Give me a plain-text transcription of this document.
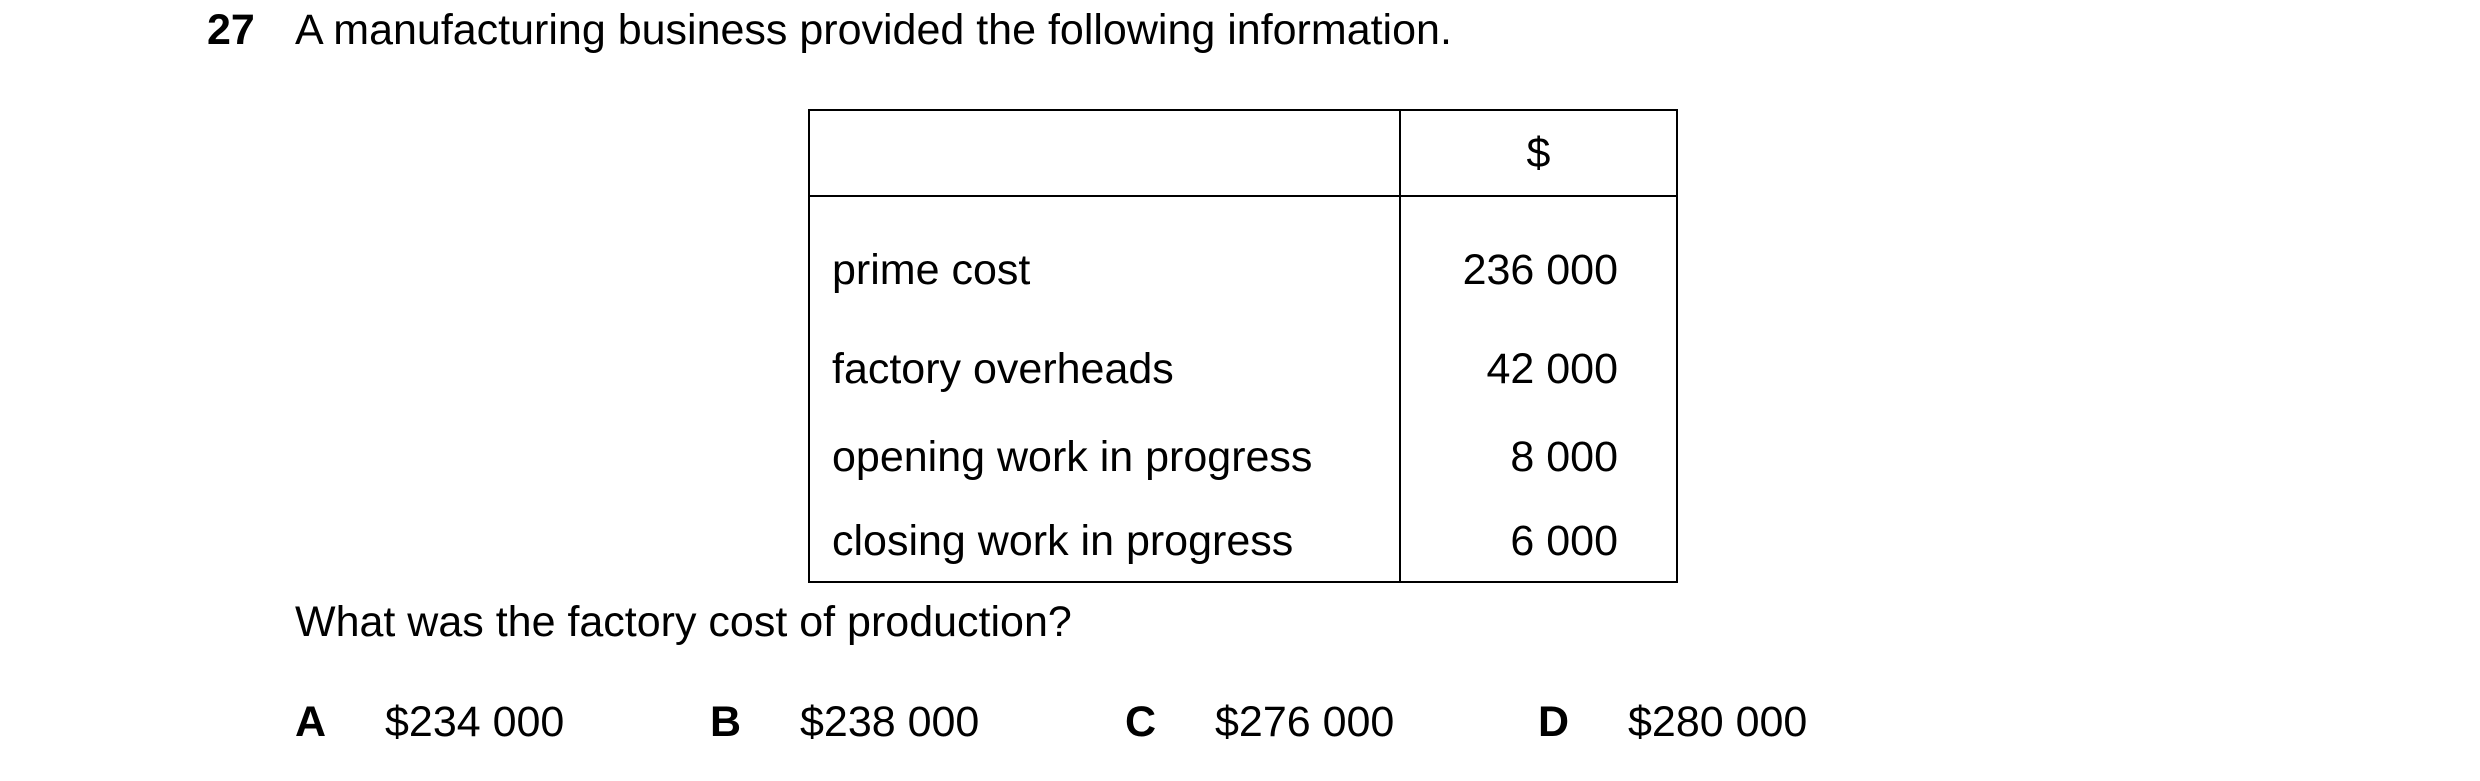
27 A manufacturing business provided the following information.
	$
prime cost	236 000
factory overheads	42 000
opening work in progress	8 000
closing work in progress	6 000
What was the factory cost of production?
A $234 000	B $238 000	C $276 000	D $280 000
